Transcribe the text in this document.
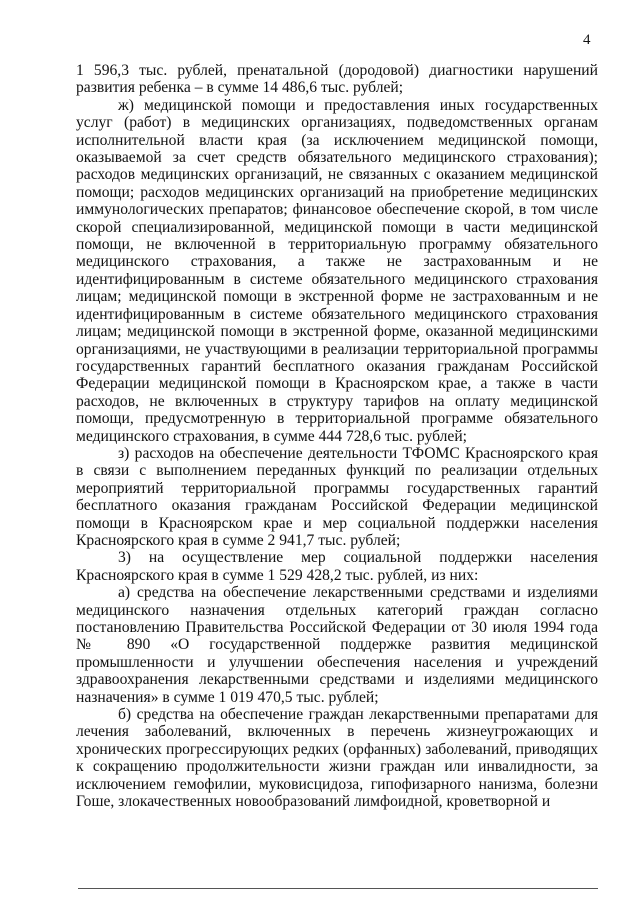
4

1 596,3 тыс. рублей, пренатальной (дородовой) диагностики нарушений развития ребенка – в сумме 14 486,6 тыс. рублей;

ж) медицинской помощи и предоставления иных государственных услуг (работ) в медицинских организациях, подведомственных органам исполнительной власти края (за исключением медицинской помощи, оказываемой за счет средств обязательного медицинского страхования); расходов медицинских организаций, не связанных с оказанием медицинской помощи; расходов медицинских организаций на приобретение медицинских иммунологических препаратов; финансовое обеспечение скорой, в том числе скорой специализированной, медицинской помощи в части медицинской помощи, не включенной в территориальную программу обязательного медицинского страхования, а также не застрахованным и не идентифицированным в системе обязательного медицинского страхования лицам; медицинской помощи в экстренной форме не застрахованным и не идентифицированным в системе обязательного медицинского страхования лицам; медицинской помощи в экстренной форме, оказанной медицинскими организациями, не участвующими в реализации территориальной программы государственных гарантий бесплатного оказания гражданам Российской Федерации медицинской помощи в Красноярском крае, а также в части расходов, не включенных в структуру тарифов на оплату медицинской помощи, предусмотренную в территориальной программе обязательного медицинского страхования, в сумме 444 728,6 тыс. рублей;

з) расходов на обеспечение деятельности ТФОМС Красноярского края в связи с выполнением переданных функций по реализации отдельных мероприятий территориальной программы государственных гарантий бесплатного оказания гражданам Российской Федерации медицинской помощи в Красноярском крае и мер социальной поддержки населения Красноярского края в сумме 2 941,7 тыс. рублей;

3) на осуществление мер социальной поддержки населения Красноярского края в сумме 1 529 428,2 тыс. рублей, из них:

а) средства на обеспечение лекарственными средствами и изделиями медицинского назначения отдельных категорий граждан согласно постановлению Правительства Российской Федерации от 30 июля 1994 года № 890 «О государственной поддержке развития медицинской промышленности и улучшении обеспечения населения и учреждений здравоохранения лекарственными средствами и изделиями медицинского назначения» в сумме 1 019 470,5 тыс. рублей;

б) средства на обеспечение граждан лекарственными препаратами для лечения заболеваний, включенных в перечень жизнеугрожающих и хронических прогрессирующих редких (орфанных) заболеваний, приводящих к сокращению продолжительности жизни граждан или инвалидности, за исключением гемофилии, муковисцидоза, гипофизарного нанизма, болезни Гоше, злокачественных новообразований лимфоидной, кроветворной и
